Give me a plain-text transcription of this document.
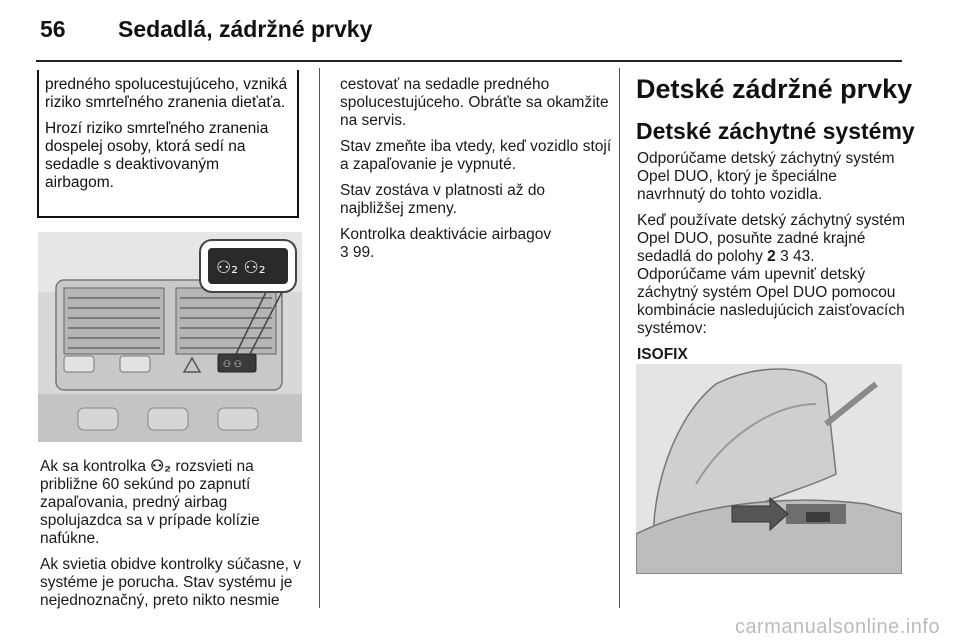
56 Sedadlá, zádržné prvky

predného spolucestujúceho, vzniká riziko smrteľného zranenia dieťaťa.

Hrozí riziko smrteľného zranenia dospelej osoby, ktorá sedí na sedadle s deaktivovaným airbagom.

⚇ ⚇
⚇₂ ⚇₂

Ak sa kontrolka ⚇₂ rozsvieti na približne 60 sekúnd po zapnutí zapaľovania, predný airbag spolujazdca sa v prípade kolízie nafúkne.

Ak svietia obidve kontrolky súčasne, v systéme je porucha. Stav systému je nejednoznačný, preto nikto nesmie

cestovať na sedadle predného spolucestujúceho. Obráťte sa okamžite na servis.

Stav zmeňte iba vtedy, keď vozidlo stojí a zapaľovanie je vypnuté.

Stav zostáva v platnosti až do najbližšej zmeny.

Kontrolka deaktivácie airbagov
3 99.

Detské zádržné prvky
Detské záchytné systémy

Odporúčame detský záchytný systém Opel DUO, ktorý je špeciálne navrhnutý do tohto vozidla.

Keď používate detský záchytný systém Opel DUO, posuňte zadné krajné sedadlá do polohy 2 3 43.

Odporúčame vám upevniť detský záchytný systém Opel DUO pomocou kombinácie nasledujúcich zaisťovacích systémov:

ISOFIX

carmanualsonline.info
